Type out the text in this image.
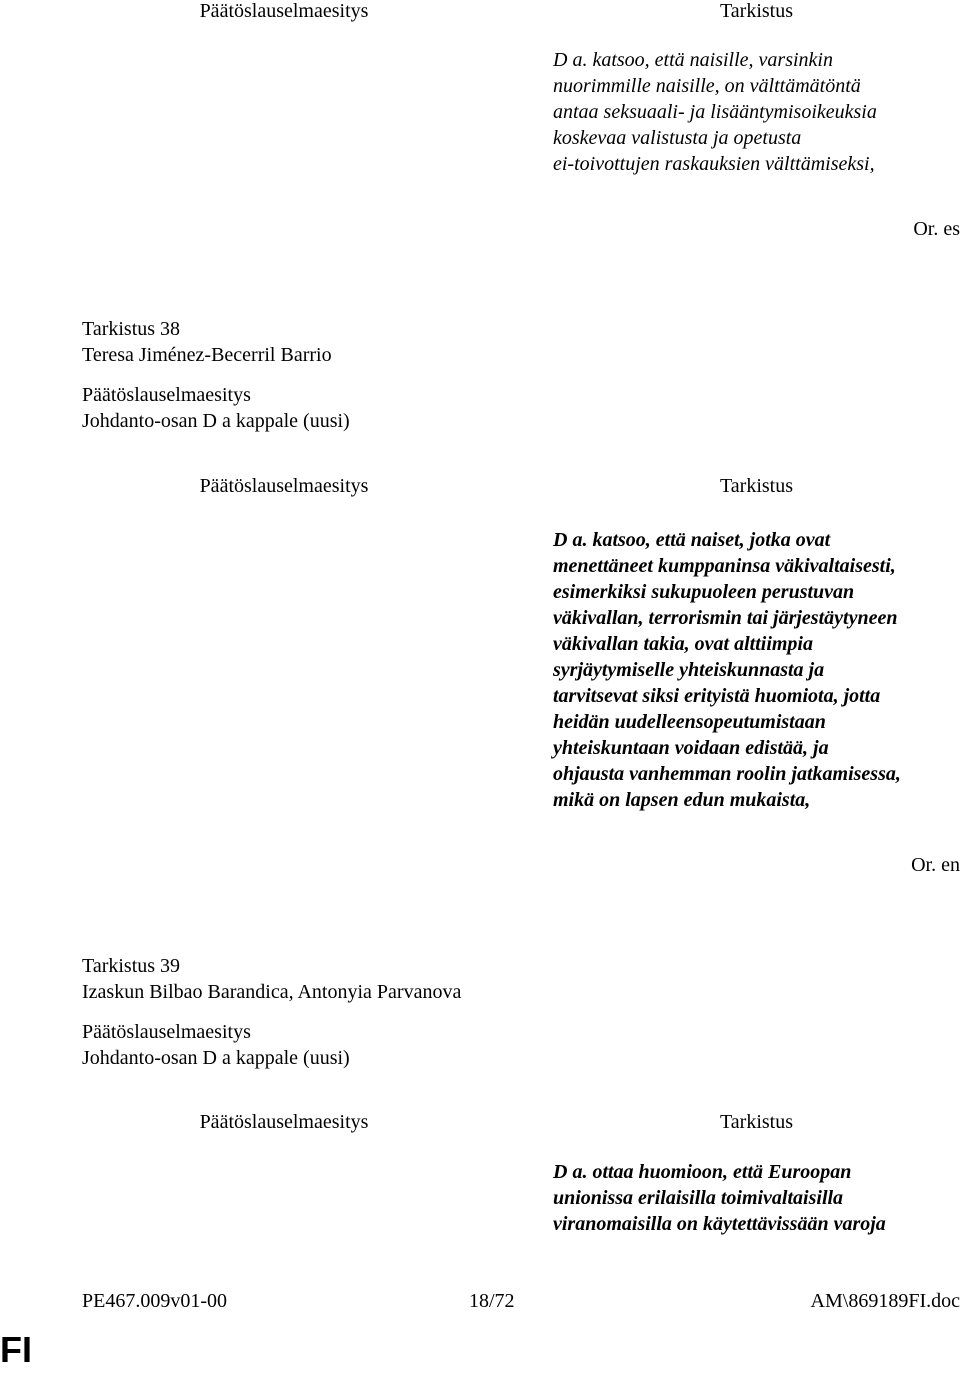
Päätöslauselmaesitys	Tarkistus
D a. katsoo, että naisille, varsinkin
nuorimmille naisille, on välttämätöntä
antaa seksuaali- ja lisääntymisoikeuksia
koskevaa valistusta ja opetusta
ei-toivottujen raskauksien välttämiseksi,
Or. es
Tarkistus 38
Teresa Jiménez-Becerril Barrio
Päätöslauselmaesitys
Johdanto-osan D a kappale (uusi)
Päätöslauselmaesitys	Tarkistus
D a. katsoo, että naiset, jotka ovat
menettäneet kumppaninsa väkivaltaisesti,
esimerkiksi sukupuoleen perustuvan
väkivallan, terrorismin tai järjestäytyneen
väkivallan takia, ovat alttiimpia
syrjäytymiselle yhteiskunnasta ja
tarvitsevat siksi erityistä huomiota, jotta
heidän uudelleensopeutumistaan
yhteiskuntaan voidaan edistää, ja
ohjausta vanhemman roolin jatkamisessa,
mikä on lapsen edun mukaista,
Or. en
Tarkistus 39
Izaskun Bilbao Barandica, Antonyia Parvanova
Päätöslauselmaesitys
Johdanto-osan D a kappale (uusi)
Päätöslauselmaesitys	Tarkistus
D a. ottaa huomioon, että Euroopan
unionissa erilaisilla toimivaltaisilla
viranomaisilla on käytettävissään varoja
PE467.009v01-00	18/72	AM\869189FI.doc
FI
